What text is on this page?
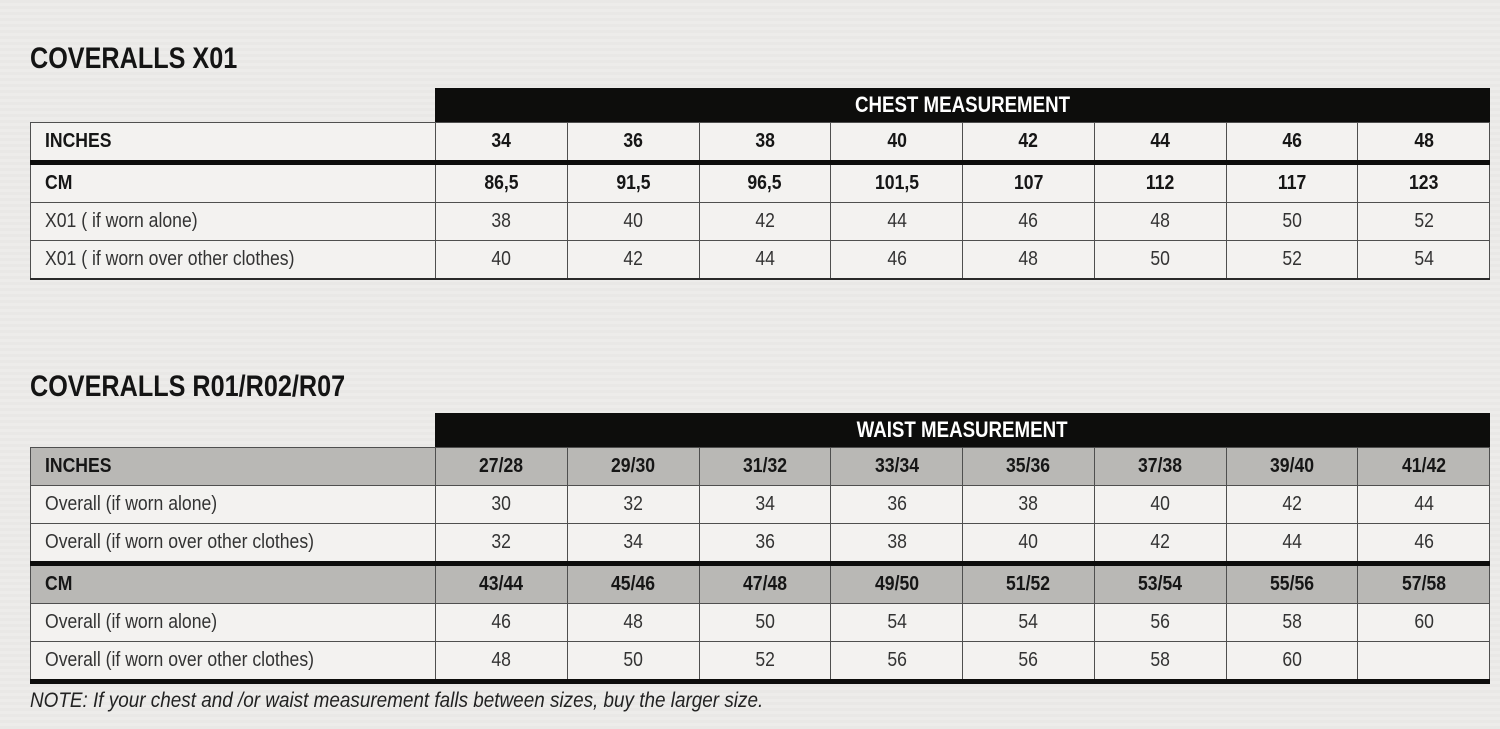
COVERALLS X01
CHEST MEASUREMENT
INCHES	34	36	38	40	42	44	46	48
CM	86,5	91,5	96,5	101,5	107	112	117	123
X01 ( if worn alone)	38	40	42	44	46	48	50	52
X01 ( if worn over other clothes)	40	42	44	46	48	50	52	54
COVERALLS R01/R02/R07
WAIST MEASUREMENT
INCHES	27/28	29/30	31/32	33/34	35/36	37/38	39/40	41/42
Overall (if worn alone)	30	32	34	36	38	40	42	44
Overall (if worn over other clothes)	32	34	36	38	40	42	44	46
CM	43/44	45/46	47/48	49/50	51/52	53/54	55/56	57/58
Overall (if worn alone)	46	48	50	54	54	56	58	60
Overall (if worn over other clothes)	48	50	52	56	56	58	60	
NOTE: If your chest and /or waist measurement falls between sizes, buy the larger size.
